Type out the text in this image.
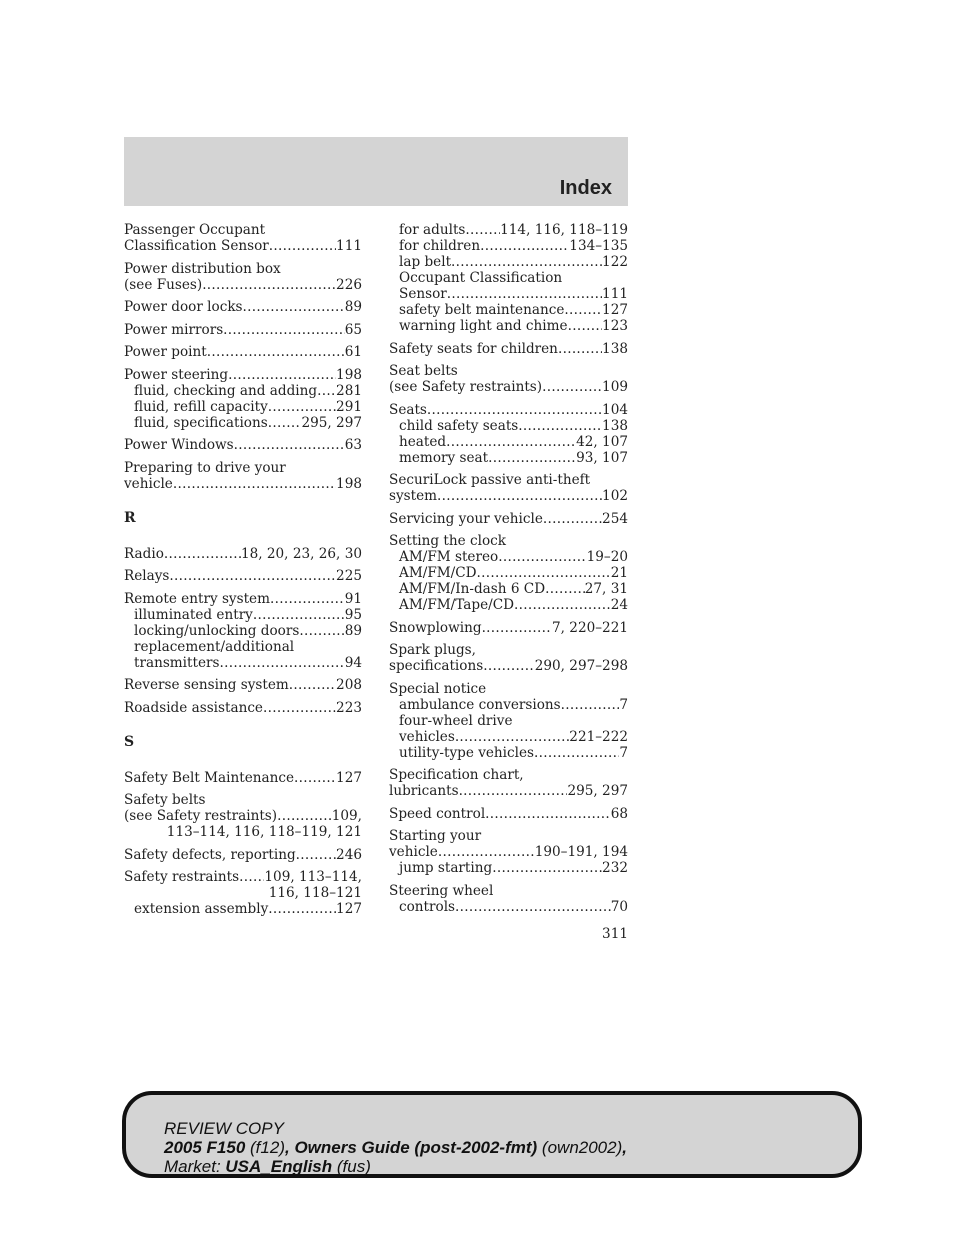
Index
Passenger Occupant
Classification Sensor .....	111
Power distribution box
(see Fuses) .....	226
Power door locks .....	89
Power mirrors .....	65
Power point .....	61
Power steering .....	198
fluid, checking and adding ..... 281
fluid, refill capacity .....	291
fluid, specifications ..... 295, 297
Power Windows .....	63
Preparing to drive your
vehicle .....	198
R
Radio .....	18, 20, 23, 26, 30
Relays .....	225
Remote entry system .....	91
illuminated entry .....	95
locking/unlocking doors .....	89
replacement/additional
transmitters .....	94
Reverse sensing system .....	208
Roadside assistance .....	223
S
Safety Belt Maintenance .....	127
Safety belts
(see Safety restraints) .....	109,
113–114, 116, 118–119, 121
Safety defects, reporting .....	246
Safety restraints ..... 109, 113–114,
116, 118–121
extension assembly .....	127
for adults .....	114, 116, 118–119
for children .....	134–135
lap belt .....	122
Occupant Classification
Sensor .....	111
safety belt maintenance .....	127
warning light and chime .....	123
Safety seats for children .....	138
Seat belts
(see Safety restraints) .....	109
Seats .....	104
child safety seats .....	138
heated .....	42, 107
memory seat .....	93, 107
SecuriLock passive anti-theft
system .....	102
Servicing your vehicle .....	254
Setting the clock
AM/FM stereo .....	19–20
AM/FM/CD .....	21
AM/FM/In-dash 6 CD .....	27, 31
AM/FM/Tape/CD .....	24
Snowplowing .....	7, 220–221
Spark plugs,
specifications .....	290, 297–298
Special notice
ambulance conversions .....	7
four-wheel drive
vehicles .....	221–222
utility-type vehicles .....	7
Specification chart,
lubricants .....	295, 297
Speed control .....	68
Starting your
vehicle .....	190–191, 194
jump starting .....	232
Steering wheel
controls .....	70
311
REVIEW COPY
2005 F150 (f12), Owners Guide (post-2002-fmt) (own2002),
Market: USA_English (fus)
